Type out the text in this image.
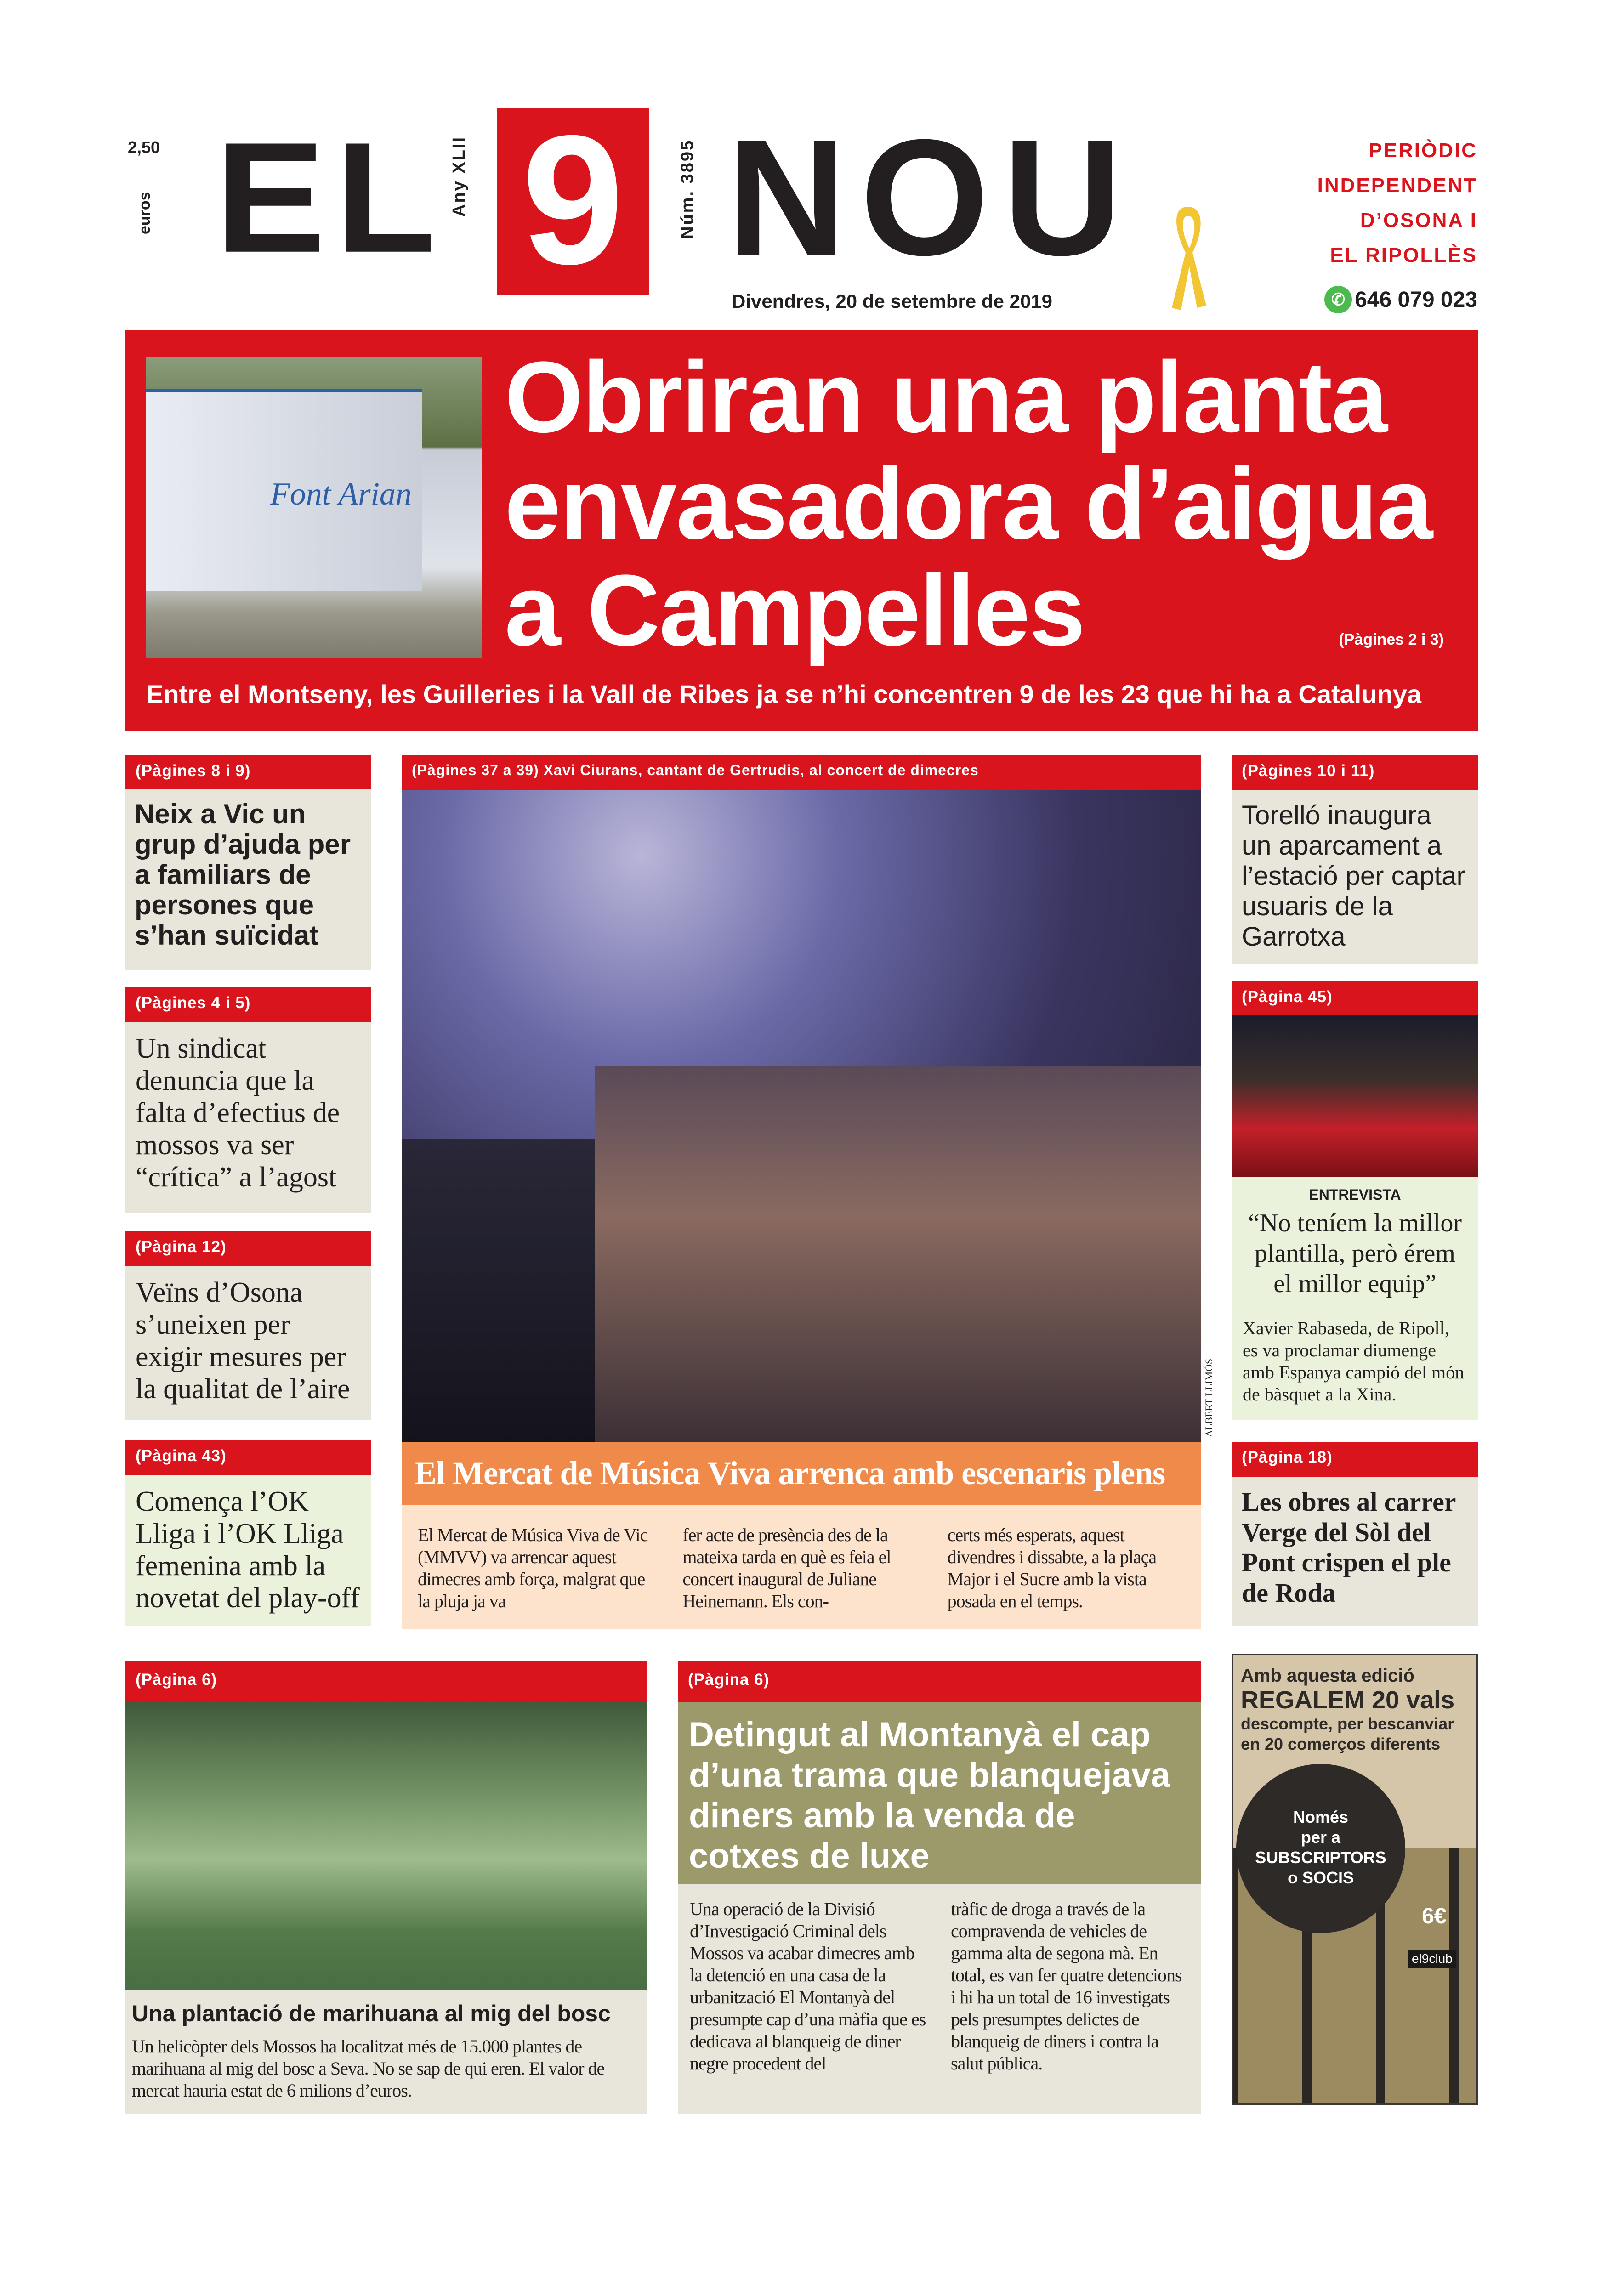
2,50
euros EL Any XLII 9	Núm. 3895 NOU
Divendres, 20 de setembre de 2019
PERIÒDIC
INDEPENDENT
D’OSONA I
EL RIPOLLÈS
✆ 646 079 023
Font Arian
Obriran una planta
envasadora d’aigua
a Campelles	(Pàgines 2 i 3)
Entre el Montseny, les Guilleries i la Vall de Ribes ja se n’hi concentren 9 de les 23 que hi ha a Catalunya
(Pàgines 8 i 9)
Neix a Vic un grup d’ajuda per a familiars de persones que s’han suïcidat
(Pàgines 4 i 5)
Un sindicat denuncia que la falta d’efectius de mossos va ser “crítica” a l’agost
(Pàgina 12)
Veïns d’Osona s’uneixen per exigir mesures per la qualitat de l’aire
(Pàgina 43)
Comença l’OK Lliga i l’OK Lliga femenina amb la novetat del play-off
(Pàgines 37 a 39) Xavi Ciurans, cantant de Gertrudis, al concert de dimecres
ALBERT LLIMÓS
El Mercat de Música Viva arrenca amb escenaris plens

El Mercat de Música Viva de Vic (MMVV) va arrencar aquest dimecres amb força, malgrat que la pluja ja va

fer acte de presència des de la mateixa tarda en què es feia el concert inaugural de Juliane Heinemann. Els con-

certs més esperats, aquest divendres i dissabte, a la plaça Major i el Sucre amb la vista posada en el temps.

(Pàgines 10 i 11)
Torelló inaugura un aparcament a l’estació per captar usuaris de la Garrotxa
(Pàgina 45)
ENTREVISTA
“No teníem la millor plantilla, però érem el millor equip”
Xavier Rabaseda, de Ripoll, es va proclamar diumenge amb Espanya campió del món de bàsquet a la Xina.
(Pàgina 18)
Les obres al carrer Verge del Sòl del Pont crispen el ple de Roda
(Pàgina 6)
Una plantació de marihuana al mig del bosc
Un helicòpter dels Mossos ha localitzat més de 15.000 plantes de marihuana al mig del bosc a Seva. No se sap de qui eren. El valor de mercat hauria estat de 6 milions d’euros.
(Pàgina 6)
Detingut al Montanyà el cap d’una trama que blanquejava diners amb la venda de cotxes de luxe

Una operació de la Divisió d’Investigació Criminal dels Mossos va acabar dimecres amb la detenció en una casa de la urbanització El Montanyà del presumpte cap d’una màfia que es dedicava al blanqueig de diner negre procedent del

tràfic de droga a través de la compravenda de vehicles de gamma alta de segona mà. En total, es van fer quatre detencions i hi ha un total de 16 investigats pels presumptes delictes de blanqueig de diners i contra la salut pública.

Amb aquesta edició
REGALEM 20 vals
descompte, per bescanviar en 20 comerços diferents
6€
el9club
Només
per a
SUBSCRIPTORS
o SOCIS
